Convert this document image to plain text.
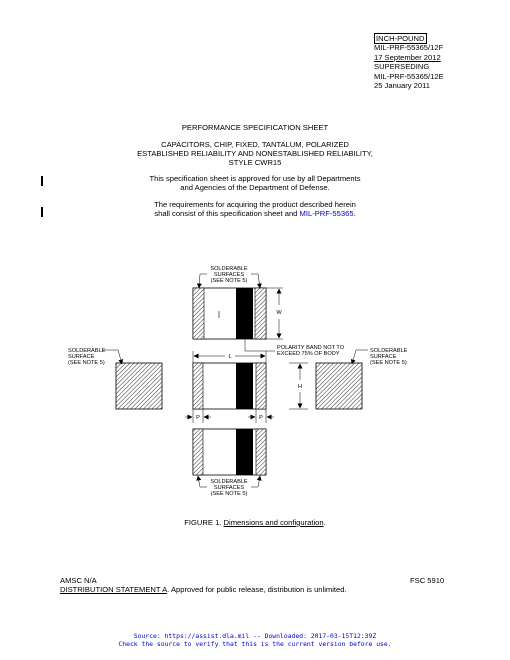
INCH-POUND
MIL-PRF-55365/12F
17 September 2012
SUPERSEDING
MIL-PRF-55365/12E
25 January 2011
PERFORMANCE SPECIFICATION SHEET
CAPACITORS, CHIP, FIXED, TANTALUM, POLARIZED
ESTABLISHED RELIABILITY AND NONESTABLISHED RELIABILITY,
STYLE CWR15
This specification sheet is approved for use by all Departments
and Agencies of the Department of Defense.
The requirements for acquiring the product described herein
shall consist of this specification sheet and MIL-PRF-55365.
SOLDERABLE
SURFACES
(SEE NOTE 5)
W
POLARITY BAND NOT TO
EXCEED 75% OF BODY
L
P	P
H
SOLDERABLE
SURFACE
(SEE NOTE 5)
SOLDERABLE
SURFACE
(SEE NOTE 5)
SOLDERABLE
SURFACES
(SEE NOTE 5)
FIGURE 1. Dimensions and configuration.
AMSC N/A	FSC 5910
DISTRIBUTION STATEMENT A. Approved for public release, distribution is unlimited.
Source: https://assist.dla.mil -- Downloaded: 2017-03-15T12:39Z
Check the source to verify that this is the current version before use.
